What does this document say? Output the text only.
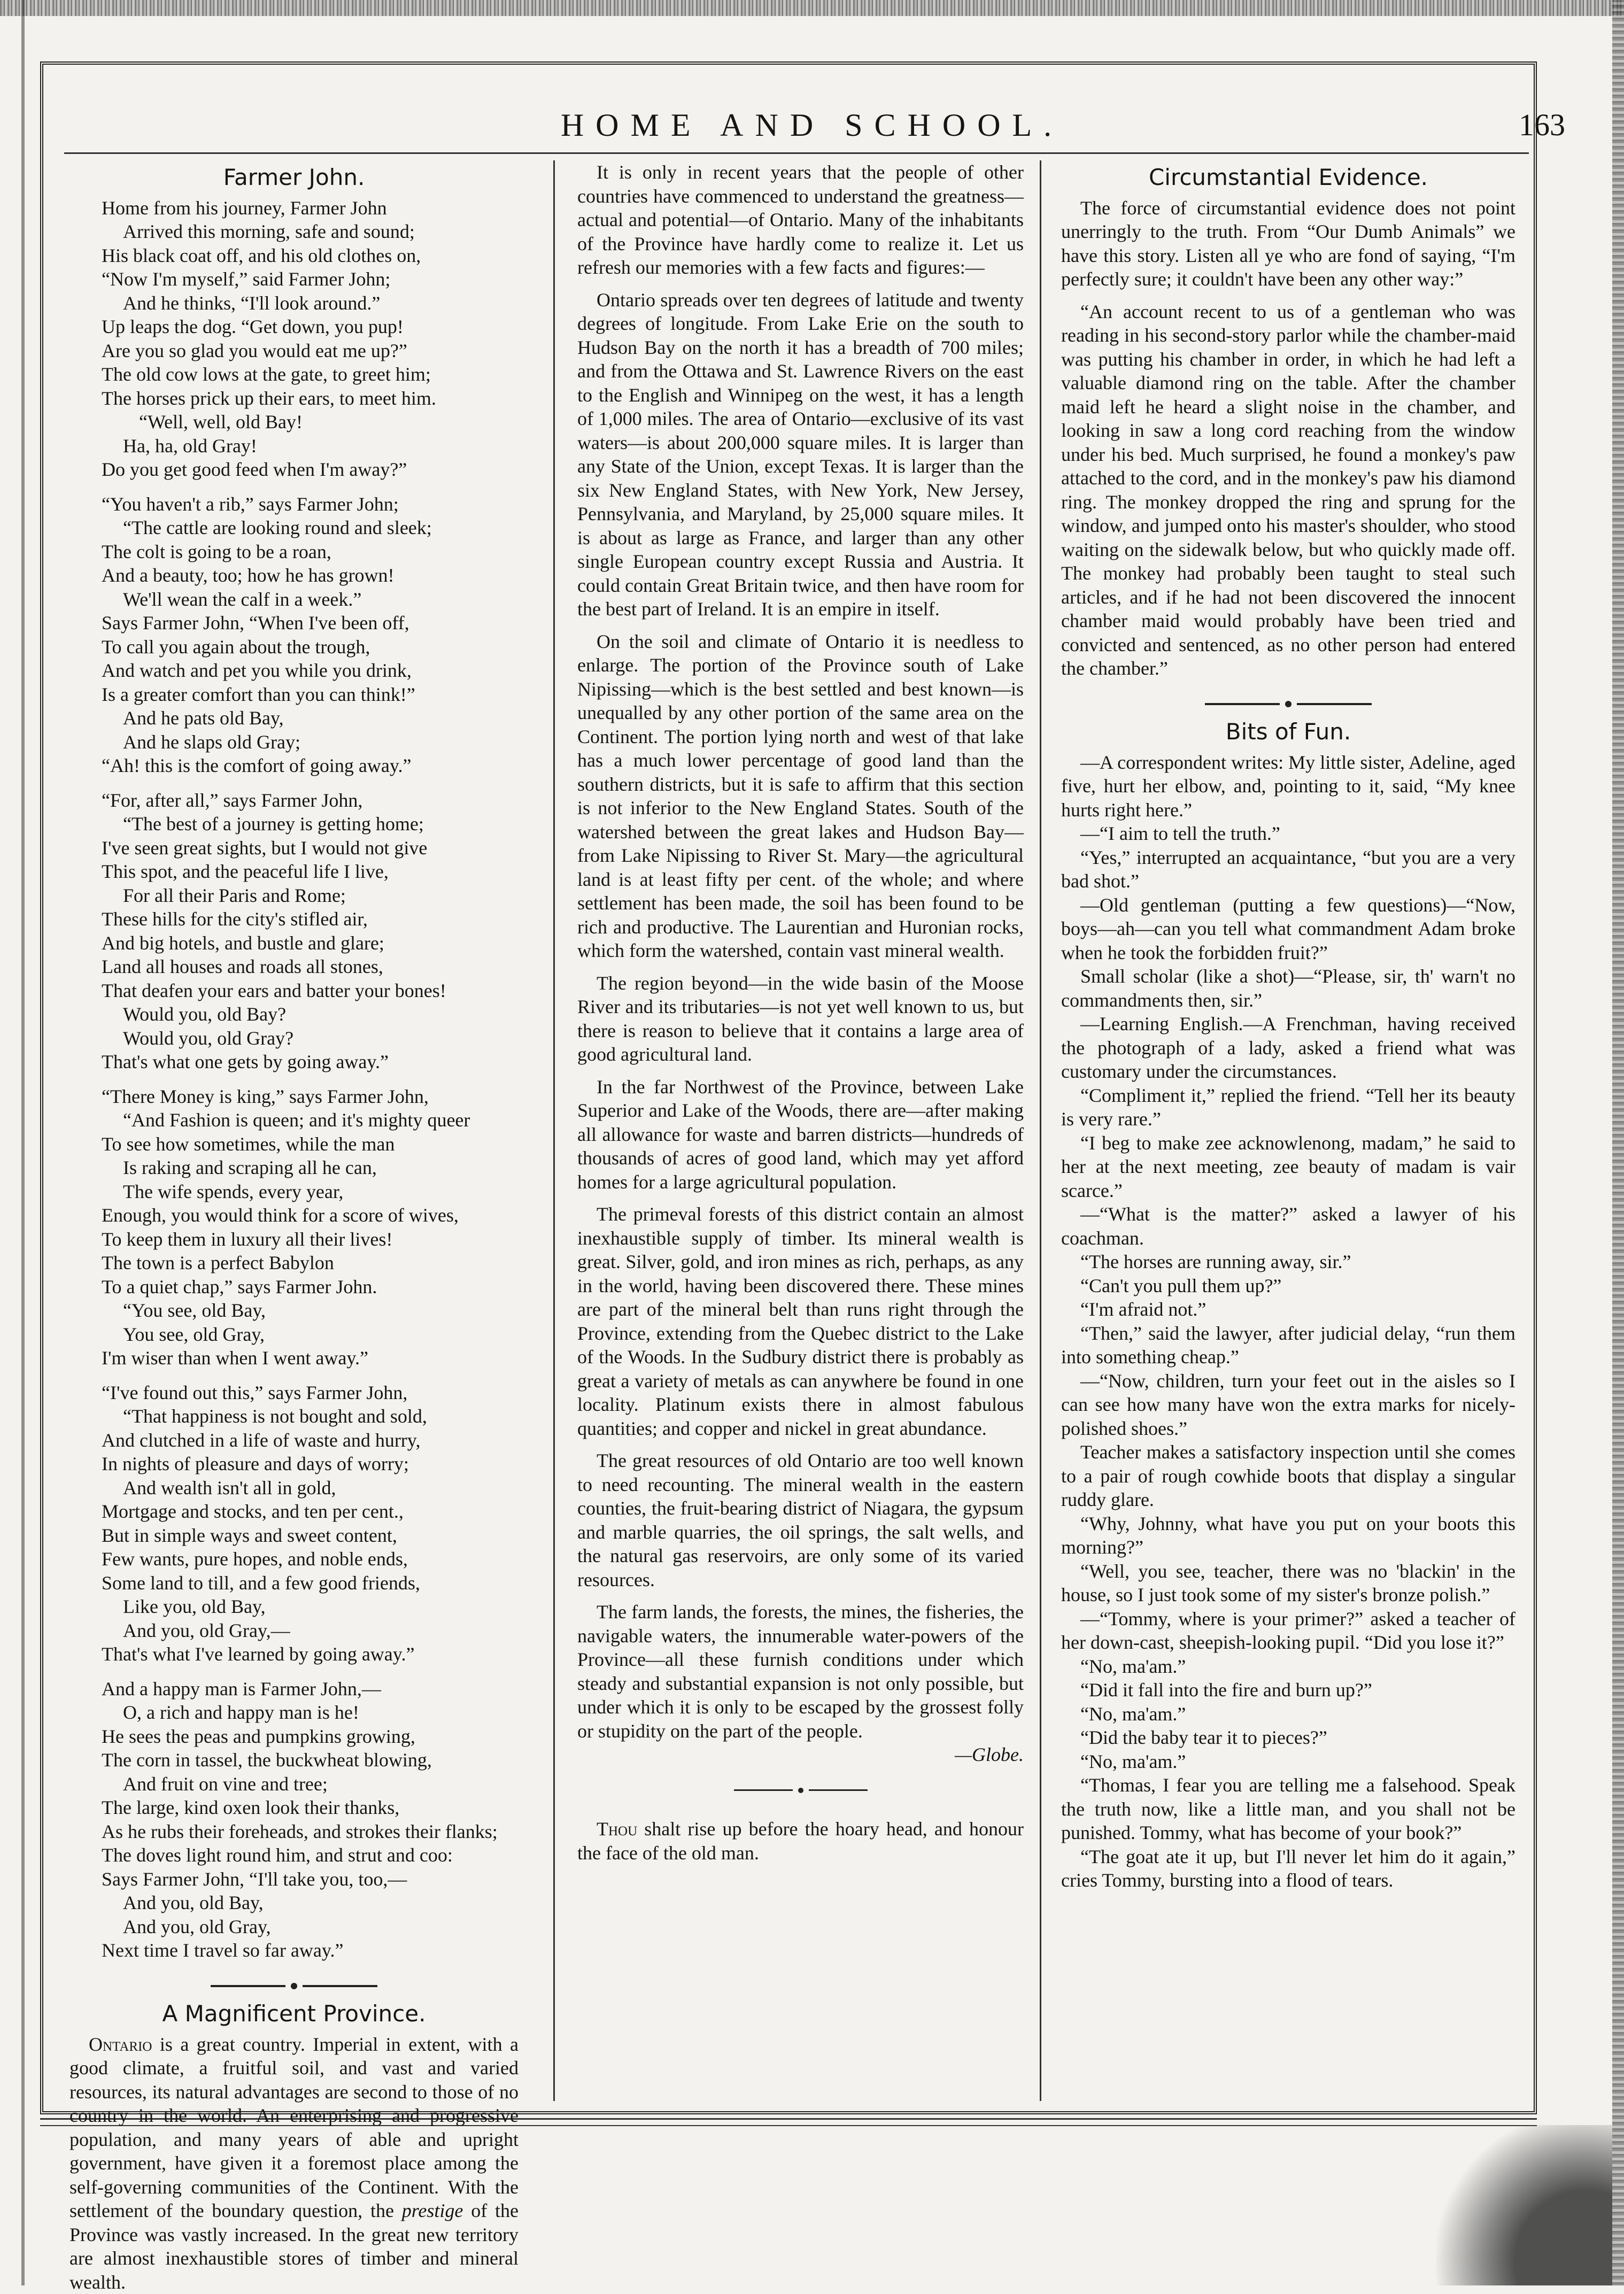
HOME AND SCHOOL.	163
Farmer John.

Home from his journey, Farmer John

Arrived this morning, safe and sound;

His black coat off, and his old clothes on,

“Now I'm myself,” said Farmer John;

And he thinks, “I'll look around.”

Up leaps the dog. “Get down, you pup!

Are you so glad you would eat me up?”

The old cow lows at the gate, to greet him;

The horses prick up their ears, to meet him.

“Well, well, old Bay!

Ha, ha, old Gray!

Do you get good feed when I'm away?”

“You haven't a rib,” says Farmer John;

“The cattle are looking round and sleek;

The colt is going to be a roan,

And a beauty, too; how he has grown!

We'll wean the calf in a week.”

Says Farmer John, “When I've been off,

To call you again about the trough,

And watch and pet you while you drink,

Is a greater comfort than you can think!”

And he pats old Bay,

And he slaps old Gray;

“Ah! this is the comfort of going away.”

“For, after all,” says Farmer John,

“The best of a journey is getting home;

I've seen great sights, but I would not give

This spot, and the peaceful life I live,

For all their Paris and Rome;

These hills for the city's stifled air,

And big hotels, and bustle and glare;

Land all houses and roads all stones,

That deafen your ears and batter your bones!

Would you, old Bay?

Would you, old Gray?

That's what one gets by going away.”

“There Money is king,” says Farmer John,

“And Fashion is queen; and it's mighty queer

To see how sometimes, while the man

Is raking and scraping all he can,

The wife spends, every year,

Enough, you would think for a score of wives,

To keep them in luxury all their lives!

The town is a perfect Babylon

To a quiet chap,” says Farmer John.

“You see, old Bay,

You see, old Gray,

I'm wiser than when I went away.”

“I've found out this,” says Farmer John,

“That happiness is not bought and sold,

And clutched in a life of waste and hurry,

In nights of pleasure and days of worry;

And wealth isn't all in gold,

Mortgage and stocks, and ten per cent.,

But in simple ways and sweet content,

Few wants, pure hopes, and noble ends,

Some land to till, and a few good friends,

Like you, old Bay,

And you, old Gray,—

That's what I've learned by going away.”

And a happy man is Farmer John,—

O, a rich and happy man is he!

He sees the peas and pumpkins growing,

The corn in tassel, the buckwheat blowing,

And fruit on vine and tree;

The large, kind oxen look their thanks,

As he rubs their foreheads, and strokes their flanks;

The doves light round him, and strut and coo:

Says Farmer John, “I'll take you, too,—

And you, old Bay,

And you, old Gray,

Next time I travel so far away.”

A Magnificent Province.

Ontario is a great country. Imperial in extent, with a good climate, a fruitful soil, and vast and varied resources, its natural advantages are second to those of no country in the world. An enterprising and progressive population, and many years of able and upright government, have given it a foremost place among the self-governing communities of the Continent. With the settlement of the boundary question, the prestige of the Province was vastly increased. In the great new territory are almost inexhaustible stores of timber and mineral wealth.

It is only in recent years that the people of other countries have commenced to understand the greatness—actual and potential—of Ontario. Many of the inhabitants of the Province have hardly come to realize it. Let us refresh our memories with a few facts and figures:—

Ontario spreads over ten degrees of latitude and twenty degrees of longitude. From Lake Erie on the south to Hudson Bay on the north it has a breadth of 700 miles; and from the Ottawa and St. Lawrence Rivers on the east to the English and Winnipeg on the west, it has a length of 1,000 miles. The area of Ontario—exclusive of its vast waters—is about 200,000 square miles. It is larger than any State of the Union, except Texas. It is larger than the six New England States, with New York, New Jersey, Pennsylvania, and Maryland, by 25,000 square miles. It is about as large as France, and larger than any other single European country except Russia and Austria. It could contain Great Britain twice, and then have room for the best part of Ireland. It is an empire in itself.

On the soil and climate of Ontario it is needless to enlarge. The portion of the Province south of Lake Nipissing—which is the best settled and best known—is unequalled by any other portion of the same area on the Continent. The portion lying north and west of that lake has a much lower percentage of good land than the southern districts, but it is safe to affirm that this section is not inferior to the New England States. South of the watershed between the great lakes and Hudson Bay—from Lake Nipissing to River St. Mary—the agricultural land is at least fifty per cent. of the whole; and where settlement has been made, the soil has been found to be rich and productive. The Laurentian and Huronian rocks, which form the watershed, contain vast mineral wealth.

The region beyond—in the wide basin of the Moose River and its tributaries—is not yet well known to us, but there is reason to believe that it contains a large area of good agricultural land.

In the far Northwest of the Province, between Lake Superior and Lake of the Woods, there are—after making all allowance for waste and barren districts—hundreds of thousands of acres of good land, which may yet afford homes for a large agricultural population.

The primeval forests of this district contain an almost inexhaustible supply of timber. Its mineral wealth is great. Silver, gold, and iron mines as rich, perhaps, as any in the world, having been discovered there. These mines are part of the mineral belt than runs right through the Province, extending from the Quebec district to the Lake of the Woods. In the Sudbury district there is probably as great a variety of metals as can anywhere be found in one locality. Platinum exists there in almost fabulous quantities; and copper and nickel in great abundance.

The great resources of old Ontario are too well known to need recounting. The mineral wealth in the eastern counties, the fruit-bearing district of Niagara, the gypsum and marble quarries, the oil springs, the salt wells, and the natural gas reservoirs, are only some of its varied resources.

The farm lands, the forests, the mines, the fisheries, the navigable waters, the innumerable water-powers of the Province—all these furnish conditions under which steady and substantial expansion is not only possible, but under which it is only to be escaped by the grossest folly or stupidity on the part of the people.

—Globe.

Thou shalt rise up before the hoary head, and honour the face of the old man.

Circumstantial Evidence.

The force of circumstantial evidence does not point unerringly to the truth. From “Our Dumb Animals” we have this story. Listen all ye who are fond of saying, “I'm perfectly sure; it couldn't have been any other way:”

“An account recent to us of a gentleman who was reading in his second-story parlor while the chamber-maid was putting his chamber in order, in which he had left a valuable diamond ring on the table. After the chamber maid left he heard a slight noise in the chamber, and looking in saw a long cord reaching from the window under his bed. Much surprised, he found a monkey's paw attached to the cord, and in the monkey's paw his diamond ring. The monkey dropped the ring and sprung for the window, and jumped onto his master's shoulder, who stood waiting on the sidewalk below, but who quickly made off. The monkey had probably been taught to steal such articles, and if he had not been discovered the innocent chamber maid would probably have been tried and convicted and sentenced, as no other person had entered the chamber.”

Bits of Fun.

—A correspondent writes: My little sister, Adeline, aged five, hurt her elbow, and, pointing to it, said, “My knee hurts right here.”

—“I aim to tell the truth.”

“Yes,” interrupted an acquaintance, “but you are a very bad shot.”

—Old gentleman (putting a few questions)—“Now, boys—ah—can you tell what commandment Adam broke when he took the forbidden fruit?”

Small scholar (like a shot)—“Please, sir, th' warn't no commandments then, sir.”

—Learning English.—A Frenchman, having received the photograph of a lady, asked a friend what was customary under the circumstances.

“Compliment it,” replied the friend. “Tell her its beauty is very rare.”

“I beg to make zee acknowlenong, madam,” he said to her at the next meeting, zee beauty of madam is vair scarce.”

—“What is the matter?” asked a lawyer of his coachman.

“The horses are running away, sir.”

“Can't you pull them up?”

“I'm afraid not.”

“Then,” said the lawyer, after judicial delay, “run them into something cheap.”

—“Now, children, turn your feet out in the aisles so I can see how many have won the extra marks for nicely-polished shoes.”

Teacher makes a satisfactory inspection until she comes to a pair of rough cowhide boots that display a singular ruddy glare.

“Why, Johnny, what have you put on your boots this morning?”

“Well, you see, teacher, there was no 'blackin' in the house, so I just took some of my sister's bronze polish.”

—“Tommy, where is your primer?” asked a teacher of her down-cast, sheepish-looking pupil. “Did you lose it?”

“No, ma'am.”

“Did it fall into the fire and burn up?”

“No, ma'am.”

“Did the baby tear it to pieces?”

“No, ma'am.”

“Thomas, I fear you are telling me a falsehood. Speak the truth now, like a little man, and you shall not be punished. Tommy, what has become of your book?”

“The goat ate it up, but I'll never let him do it again,” cries Tommy, bursting into a flood of tears.
